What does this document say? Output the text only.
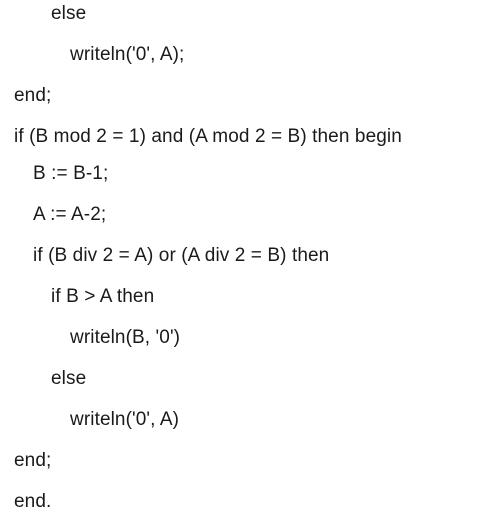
else
writeln('0', A);
end;
if (B mod 2 = 1) and (A mod 2 = B) then begin
B := B-1;
A := A-2;
if (B div 2 = A) or (A div 2 = B) then
if B > A then
writeln(B, '0')
else
writeln('0', A)
end;
end.
